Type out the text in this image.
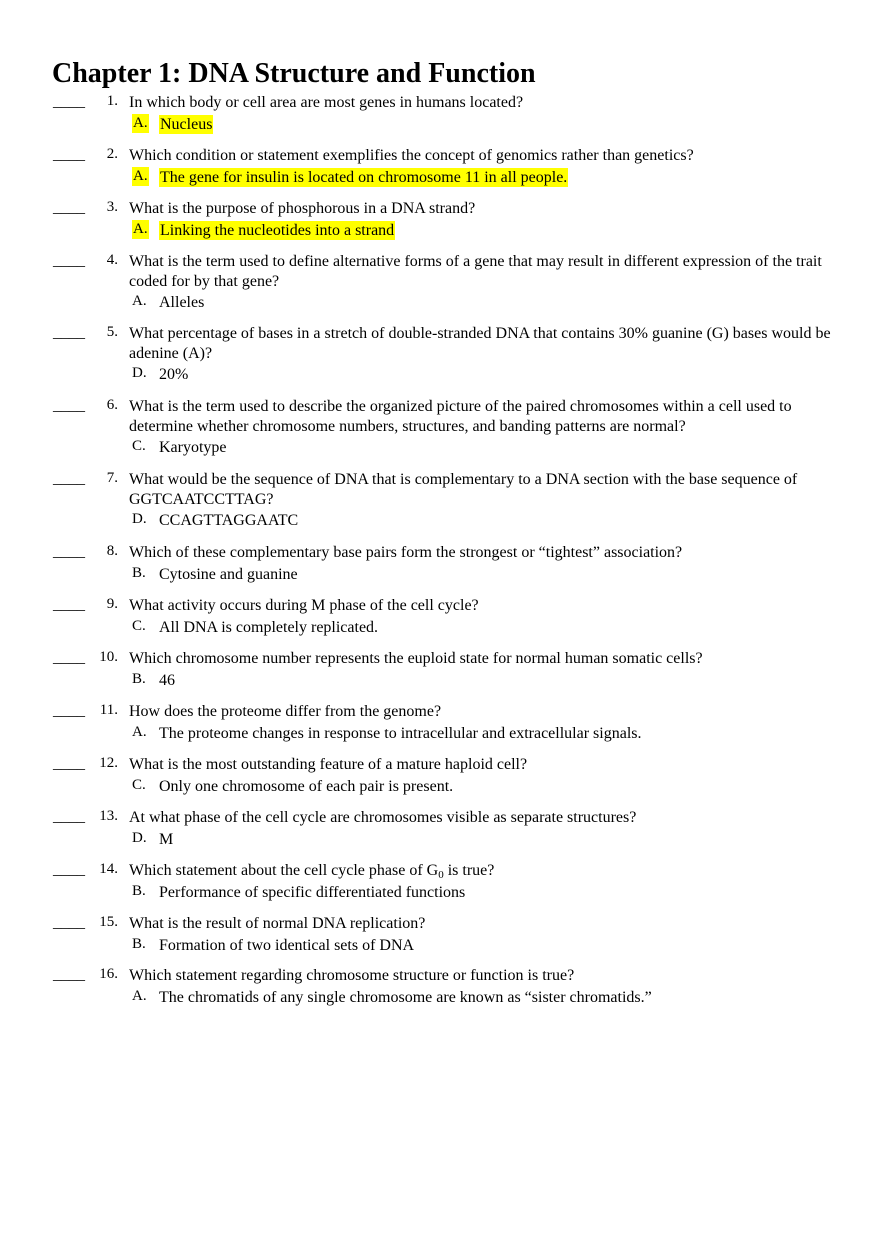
Chapter 1: DNA Structure and Function
____ 1. In which body or cell area are most genes in humans located?
A. Nucleus
____ 2. Which condition or statement exemplifies the concept of genomics rather than genetics?
A. The gene for insulin is located on chromosome 11 in all people.
____ 3. What is the purpose of phosphorous in a DNA strand?
A. Linking the nucleotides into a strand
____ 4. What is the term used to define alternative forms of a gene that may result in different expression of the trait coded for by that gene?
A. Alleles
____ 5. What percentage of bases in a stretch of double-stranded DNA that contains 30% guanine (G) bases would be adenine (A)?
D. 20%
____ 6. What is the term used to describe the organized picture of the paired chromosomes within a cell used to determine whether chromosome numbers, structures, and banding patterns are normal?
C. Karyotype
____ 7. What would be the sequence of DNA that is complementary to a DNA section with the base sequence of GGTCAATCCTTAG?
D. CCAGTTAGGAATC
____ 8. Which of these complementary base pairs form the strongest or “tightest” association?
B. Cytosine and guanine
____ 9. What activity occurs during M phase of the cell cycle?
C. All DNA is completely replicated.
____ 10. Which chromosome number represents the euploid state for normal human somatic cells?
B. 46
____ 11. How does the proteome differ from the genome?
A. The proteome changes in response to intracellular and extracellular signals.
____ 12. What is the most outstanding feature of a mature haploid cell?
C. Only one chromosome of each pair is present.
____ 13. At what phase of the cell cycle are chromosomes visible as separate structures?
D. M
____ 14. Which statement about the cell cycle phase of $G_0$ is true?
B. Performance of specific differentiated functions
____ 15. What is the result of normal DNA replication?
B. Formation of two identical sets of DNA
____ 16. Which statement regarding chromosome structure or function is true?
A. The chromatids of any single chromosome are known as “sister chromatids.”
